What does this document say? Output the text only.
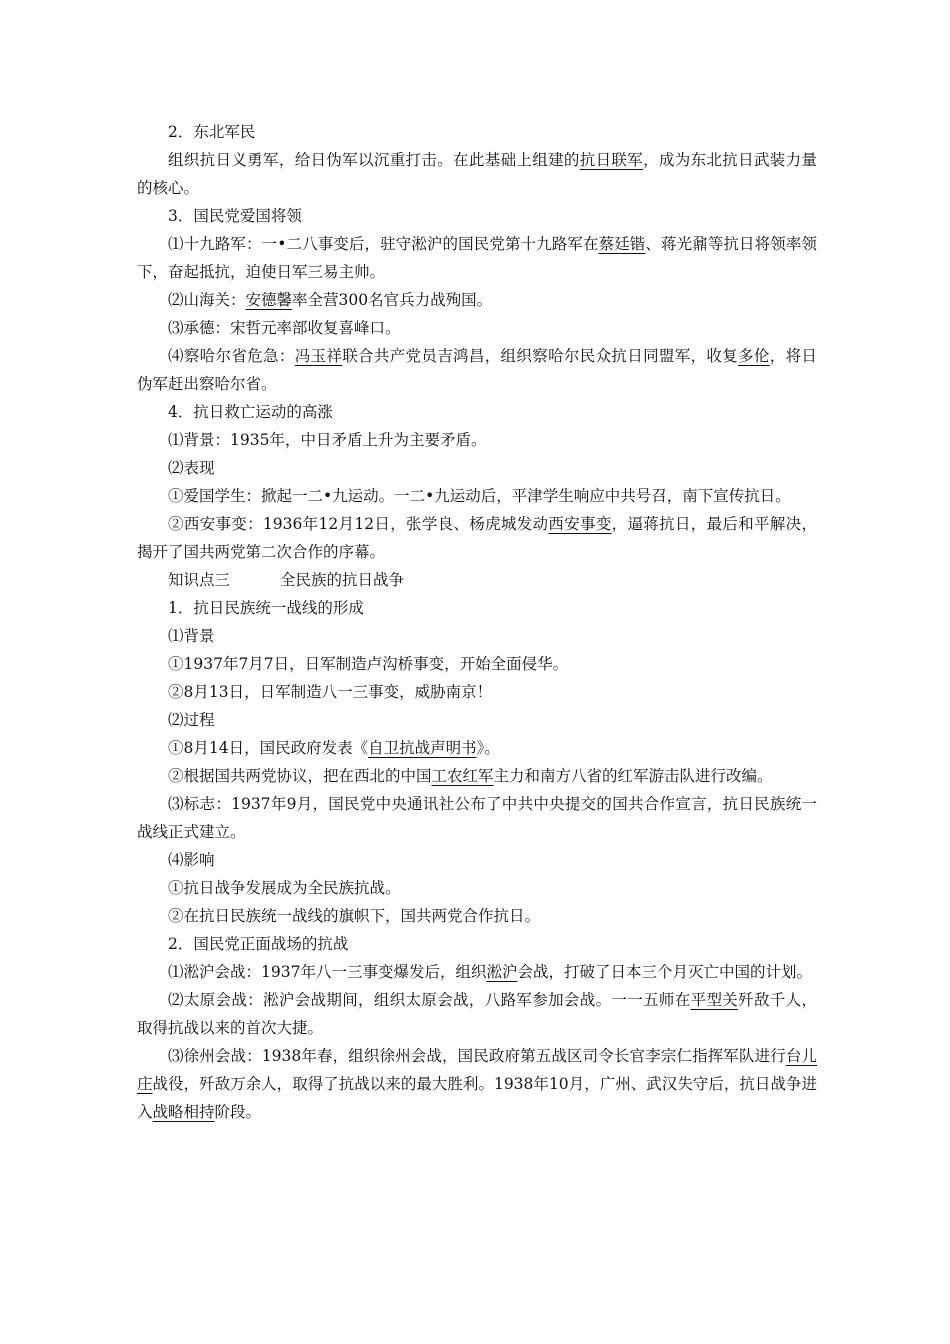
2．东北军民

组织抗日义勇军，给日伪军以沉重打击。在此基础上组建的抗日联军，成为东北抗日武装力量的核心。

3．国民党爱国将领

⑴十九路军：一•二八事变后，驻守淞沪的国民党第十九路军在蔡廷锴、蒋光鼐等抗日将领率领下，奋起抵抗，迫使日军三易主帅。

⑵山海关：安德馨率全营300名官兵力战殉国。

⑶承德：宋哲元率部收复喜峰口。

⑷察哈尔省危急：冯玉祥联合共产党员吉鸿昌，组织察哈尔民众抗日同盟军，收复多伦，将日伪军赶出察哈尔省。

4．抗日救亡运动的高涨

⑴背景：1935年，中日矛盾上升为主要矛盾。

⑵表现

①爱国学生：掀起一二•九运动。一二•九运动后，平津学生响应中共号召，南下宣传抗日。

②西安事变：1936年12月12日，张学良、杨虎城发动西安事变，逼蒋抗日，最后和平解决，揭开了国共两党第二次合作的序幕。

知识点三	全民族的抗日战争

1．抗日民族统一战线的形成

⑴背景

①1937年7月7日，日军制造卢沟桥事变，开始全面侵华。

②8月13日，日军制造八一三事变，威胁南京！

⑵过程

①8月14日，国民政府发表《自卫抗战声明书》。

②根据国共两党协议，把在西北的中国工农红军主力和南方八省的红军游击队进行改编。

⑶标志：1937年9月，国民党中央通讯社公布了中共中央提交的国共合作宣言，抗日民族统一战线正式建立。

⑷影响

①抗日战争发展成为全民族抗战。

②在抗日民族统一战线的旗帜下，国共两党合作抗日。

2．国民党正面战场的抗战

⑴淞沪会战：1937年八一三事变爆发后，组织淞沪会战，打破了日本三个月灭亡中国的计划。

⑵太原会战：淞沪会战期间，组织太原会战，八路军参加会战。一一五师在平型关歼敌千人，取得抗战以来的首次大捷。

⑶徐州会战：1938年春，组织徐州会战，国民政府第五战区司令长官李宗仁指挥军队进行台儿庄战役，歼敌万余人，取得了抗战以来的最大胜利。1938年10月，广州、武汉失守后，抗日战争进入战略相持阶段。
